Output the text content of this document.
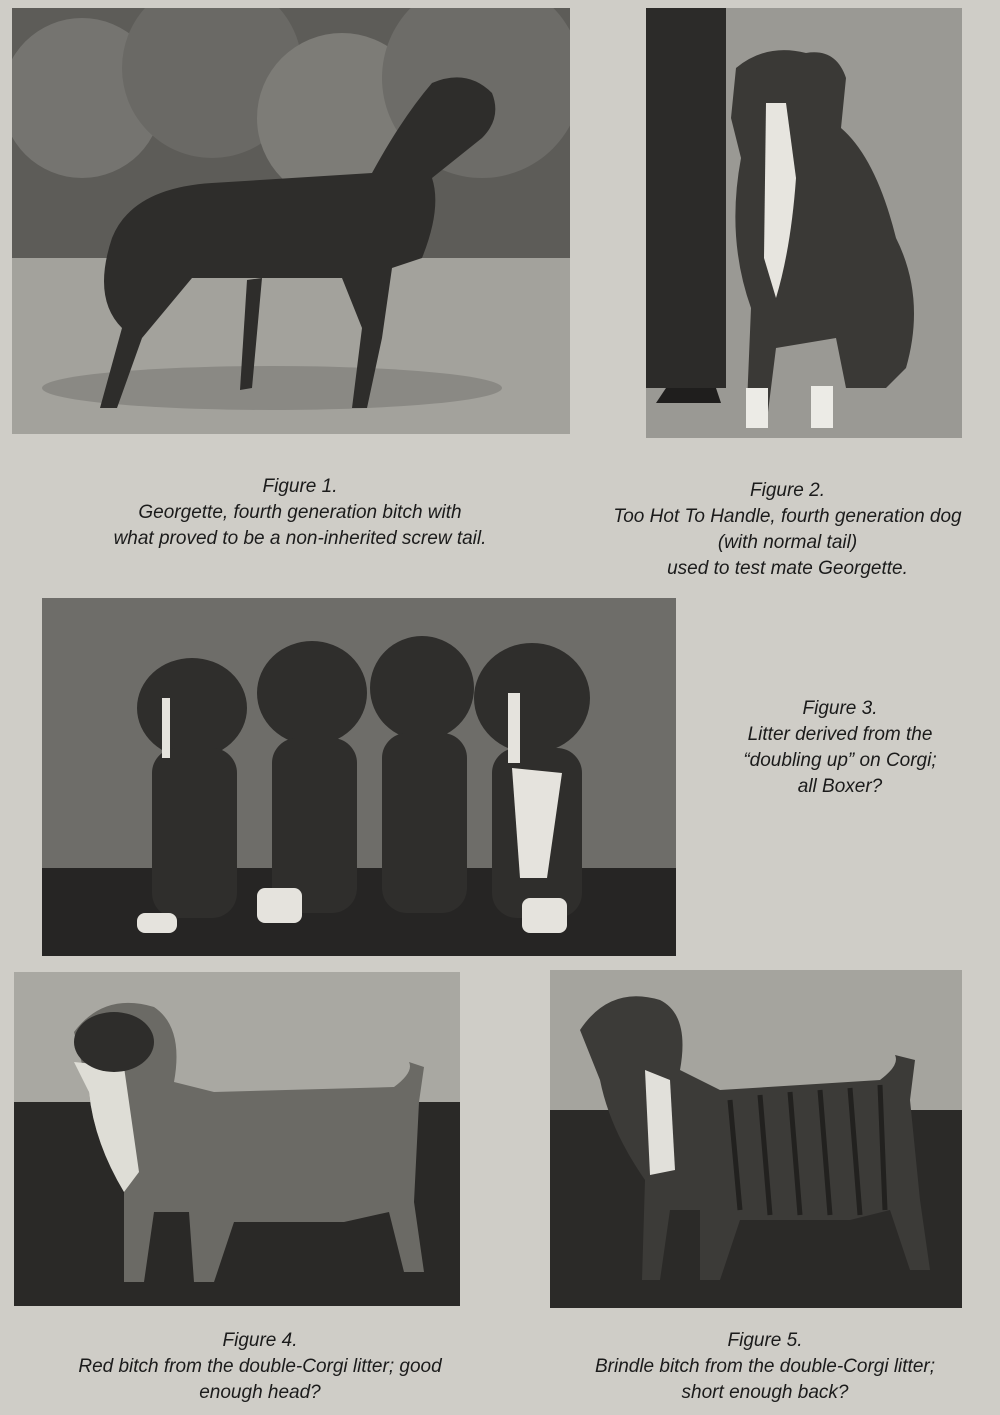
Figure 1.
Georgette, fourth generation bitch with
what proved to be a non-inherited screw tail.
Figure 2.
Too Hot To Handle, fourth generation dog
(with normal tail)
used to test mate Georgette.
Figure 3.
Litter derived from the
“doubling up” on Corgi;
all Boxer?
Figure 4.
Red bitch from the double-Corgi litter; good
enough head?
Figure 5.
Brindle bitch from the double-Corgi litter;
short enough back?
